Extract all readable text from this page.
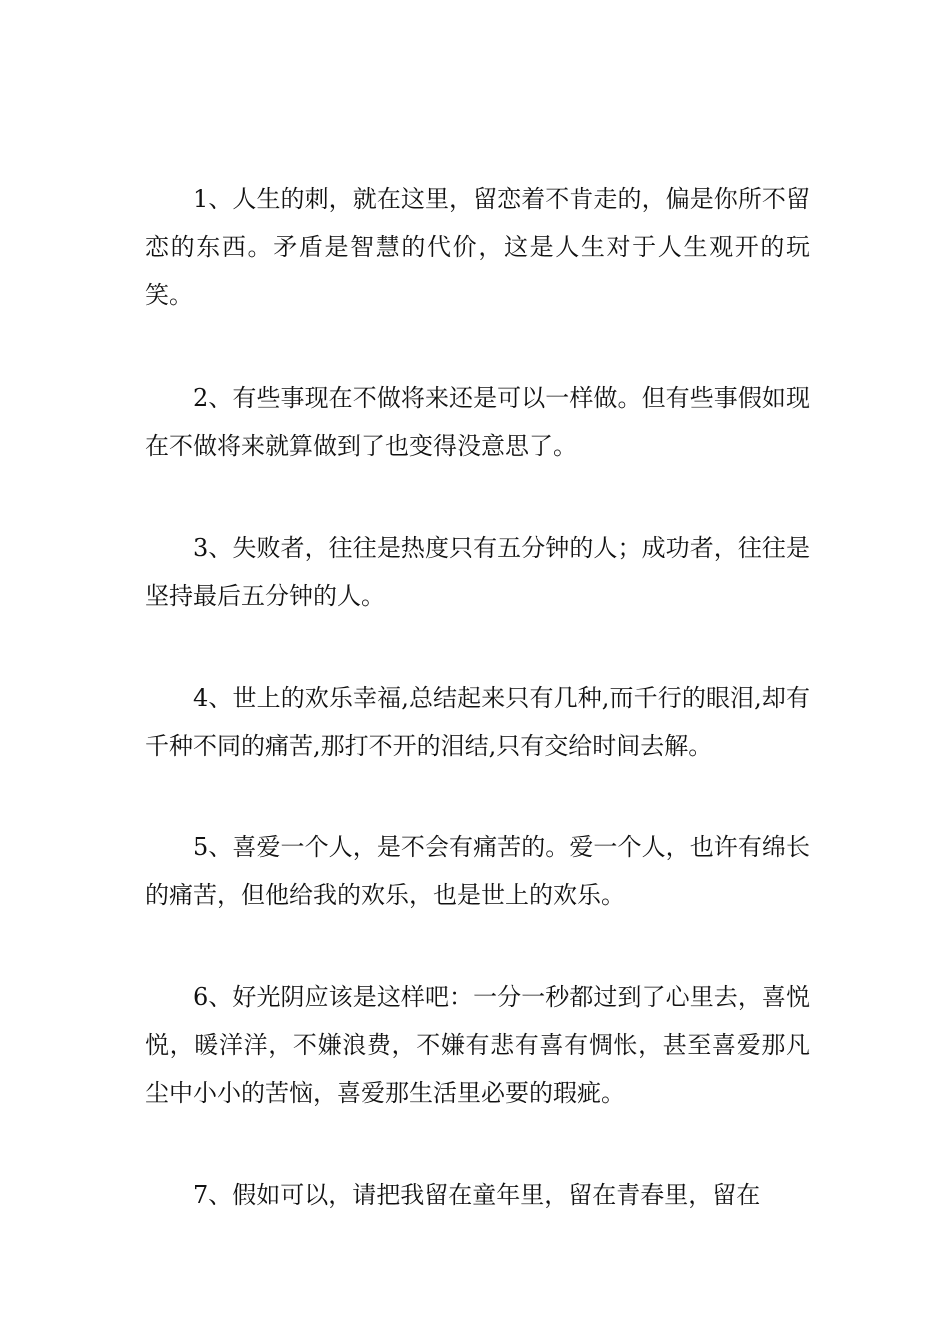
1、人生的刺，就在这里，留恋着不肯走的，偏是你所不留恋的东西。矛盾是智慧的代价，这是人生对于人生观开的玩笑。

2、有些事现在不做将来还是可以一样做。但有些事假如现在不做将来就算做到了也变得没意思了。

3、失败者，往往是热度只有五分钟的人；成功者，往往是坚持最后五分钟的人。

4、世上的欢乐幸福,总结起来只有几种,而千行的眼泪,却有千种不同的痛苦,那打不开的泪结,只有交给时间去解。

5、喜爱一个人，是不会有痛苦的。爱一个人，也许有绵长的痛苦，但他给我的欢乐，也是世上的欢乐。

6、好光阴应该是这样吧：一分一秒都过到了心里去，喜悦悦，暖洋洋，不嫌浪费，不嫌有悲有喜有惆怅，甚至喜爱那凡尘中小小的苦恼，喜爱那生活里必要的瑕疵。

7、假如可以，请把我留在童年里，留在青春里，留在
